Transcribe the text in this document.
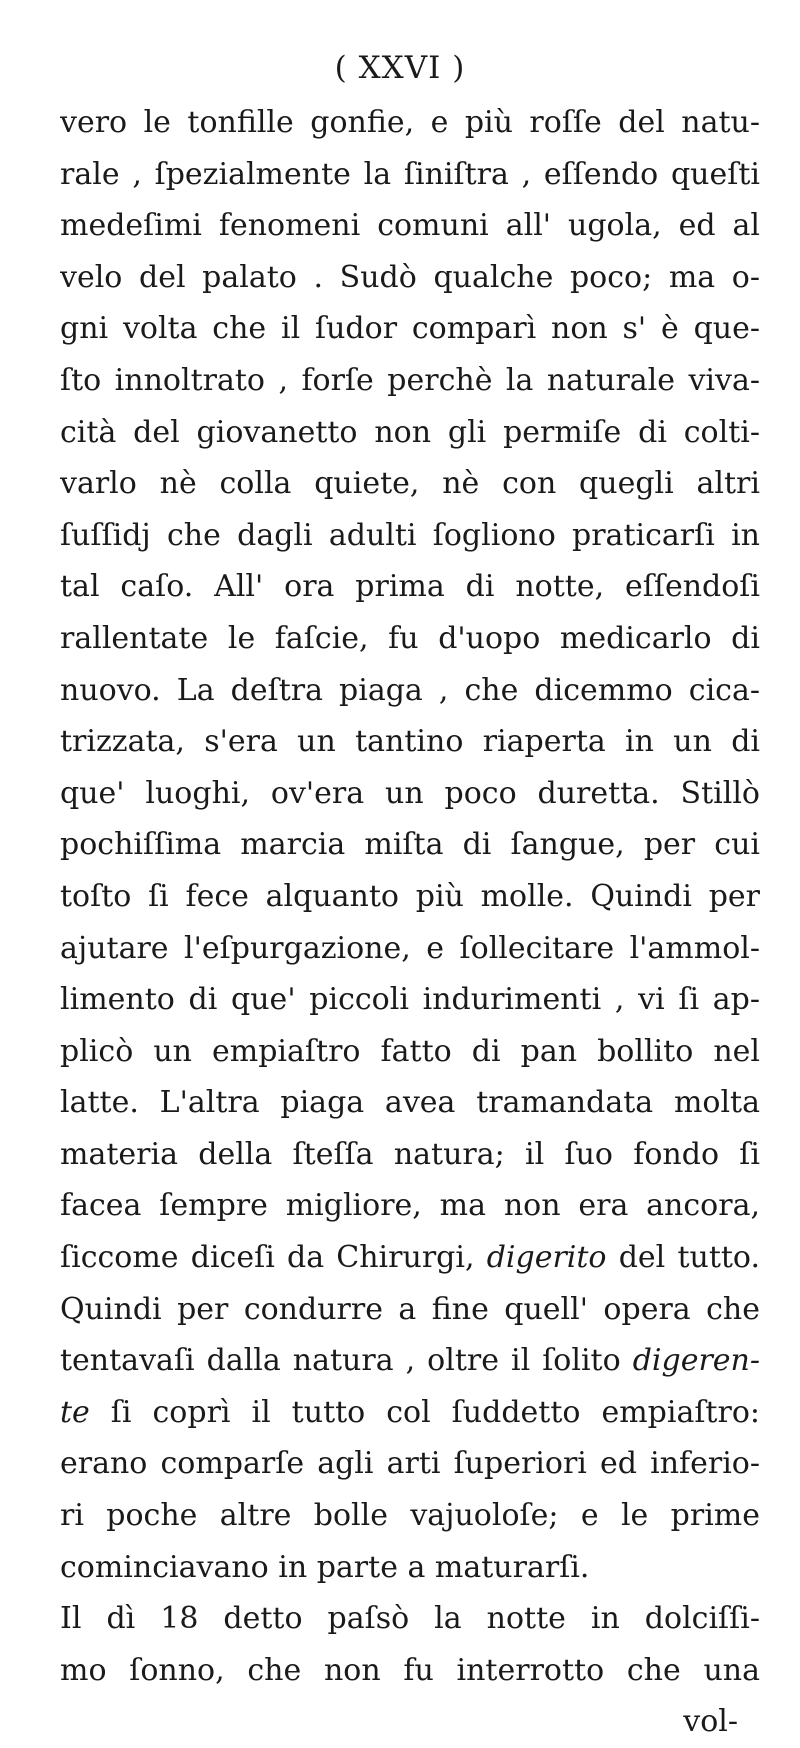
( XXVI )
vero le tonfille gonfie, e più roſſe del natu-
rale , ſpezialmente la ſiniſtra , eſſendo queſti
medeſimi fenomeni comuni all' ugola, ed al
velo del palato . Sudò qualche poco; ma o-
gni volta che il ſudor comparì non s' è que-
ſto innoltrato , forſe perchè la naturale viva-
cità del giovanetto non gli permiſe di colti-
varlo nè colla quiete, nè con quegli altri
ſuſſidj che dagli adulti ſogliono praticarſi in
tal caſo. All' ora prima di notte, eſſendoſi
rallentate le faſcie, fu d'uopo medicarlo di
nuovo. La deſtra piaga , che dicemmo cica-
trizzata, s'era un tantino riaperta in un di
que' luoghi, ov'era un poco duretta. Stillò
pochiſſima marcia miſta di ſangue, per cui
toſto ſi fece alquanto più molle. Quindi per
ajutare l'eſpurgazione, e ſollecitare l'ammol-
limento di que' piccoli indurimenti , vi ſi ap-
plicò un empiaſtro fatto di pan bollito nel
latte. L'altra piaga avea tramandata molta
materia della ſteſſa natura; il ſuo fondo ſi
facea ſempre migliore, ma non era ancora,
ſiccome diceſi da Chirurgi, digerito del tutto.
Quindi per condurre a fine quell' opera che
tentavaſi dalla natura , oltre il ſolito digeren-
te ſi coprì il tutto col ſuddetto empiaſtro:
erano comparſe agli arti ſuperiori ed inferio-
ri poche altre bolle vajuoloſe; e le prime
cominciavano in parte a maturarſi.
Il dì 18 detto paſsò la notte in dolciſſi-
mo ſonno, che non fu interrotto che una
vol-
